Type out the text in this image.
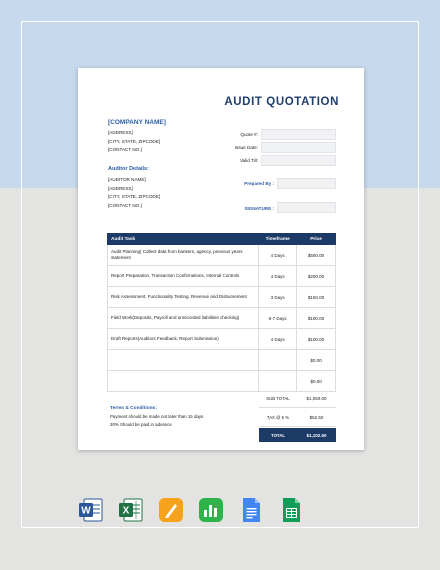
AUDIT QUOTATION
[COMPANY NAME]
[ADDRESS]
[CITY, STATE, ZIPCODE]
[CONTACT NO.]
Quote #:
Issue Date:
Valid Till:
Auditor Details:
[AUDITOR NAME]
[ADDRESS]
[CITY, STATE, ZIPCODE]
[CONTACT NO.]
Prepared By :
SIGNATURE :
Audit Task	Timeframe	Price
Audit Planning( Collect data from bankers, agency, previous years statement	4 Days	$500.00
Report Preparation, Transaction Confirmations, Internal Controls	4 Days	$200.00
Risk Assessment, Functionality Testing, Revenue and Disbursement	3 Days	$150.00
Field Work(Deposits, Payroll and unrecorded liabilities checking)	5-7 Days	$100.00
Draft Reports(Auditors Feedback, Report Submission)	4 Days	$100.00
		$0.00
		$0.00
SUB TOTAL	$1,050.00
TAX @ 5 %	$52.50
TOTAL	$1,102.50
Terms & Conditions:
Payment should be made not later than 15 days.
30% Should be paid in advance
W	X
